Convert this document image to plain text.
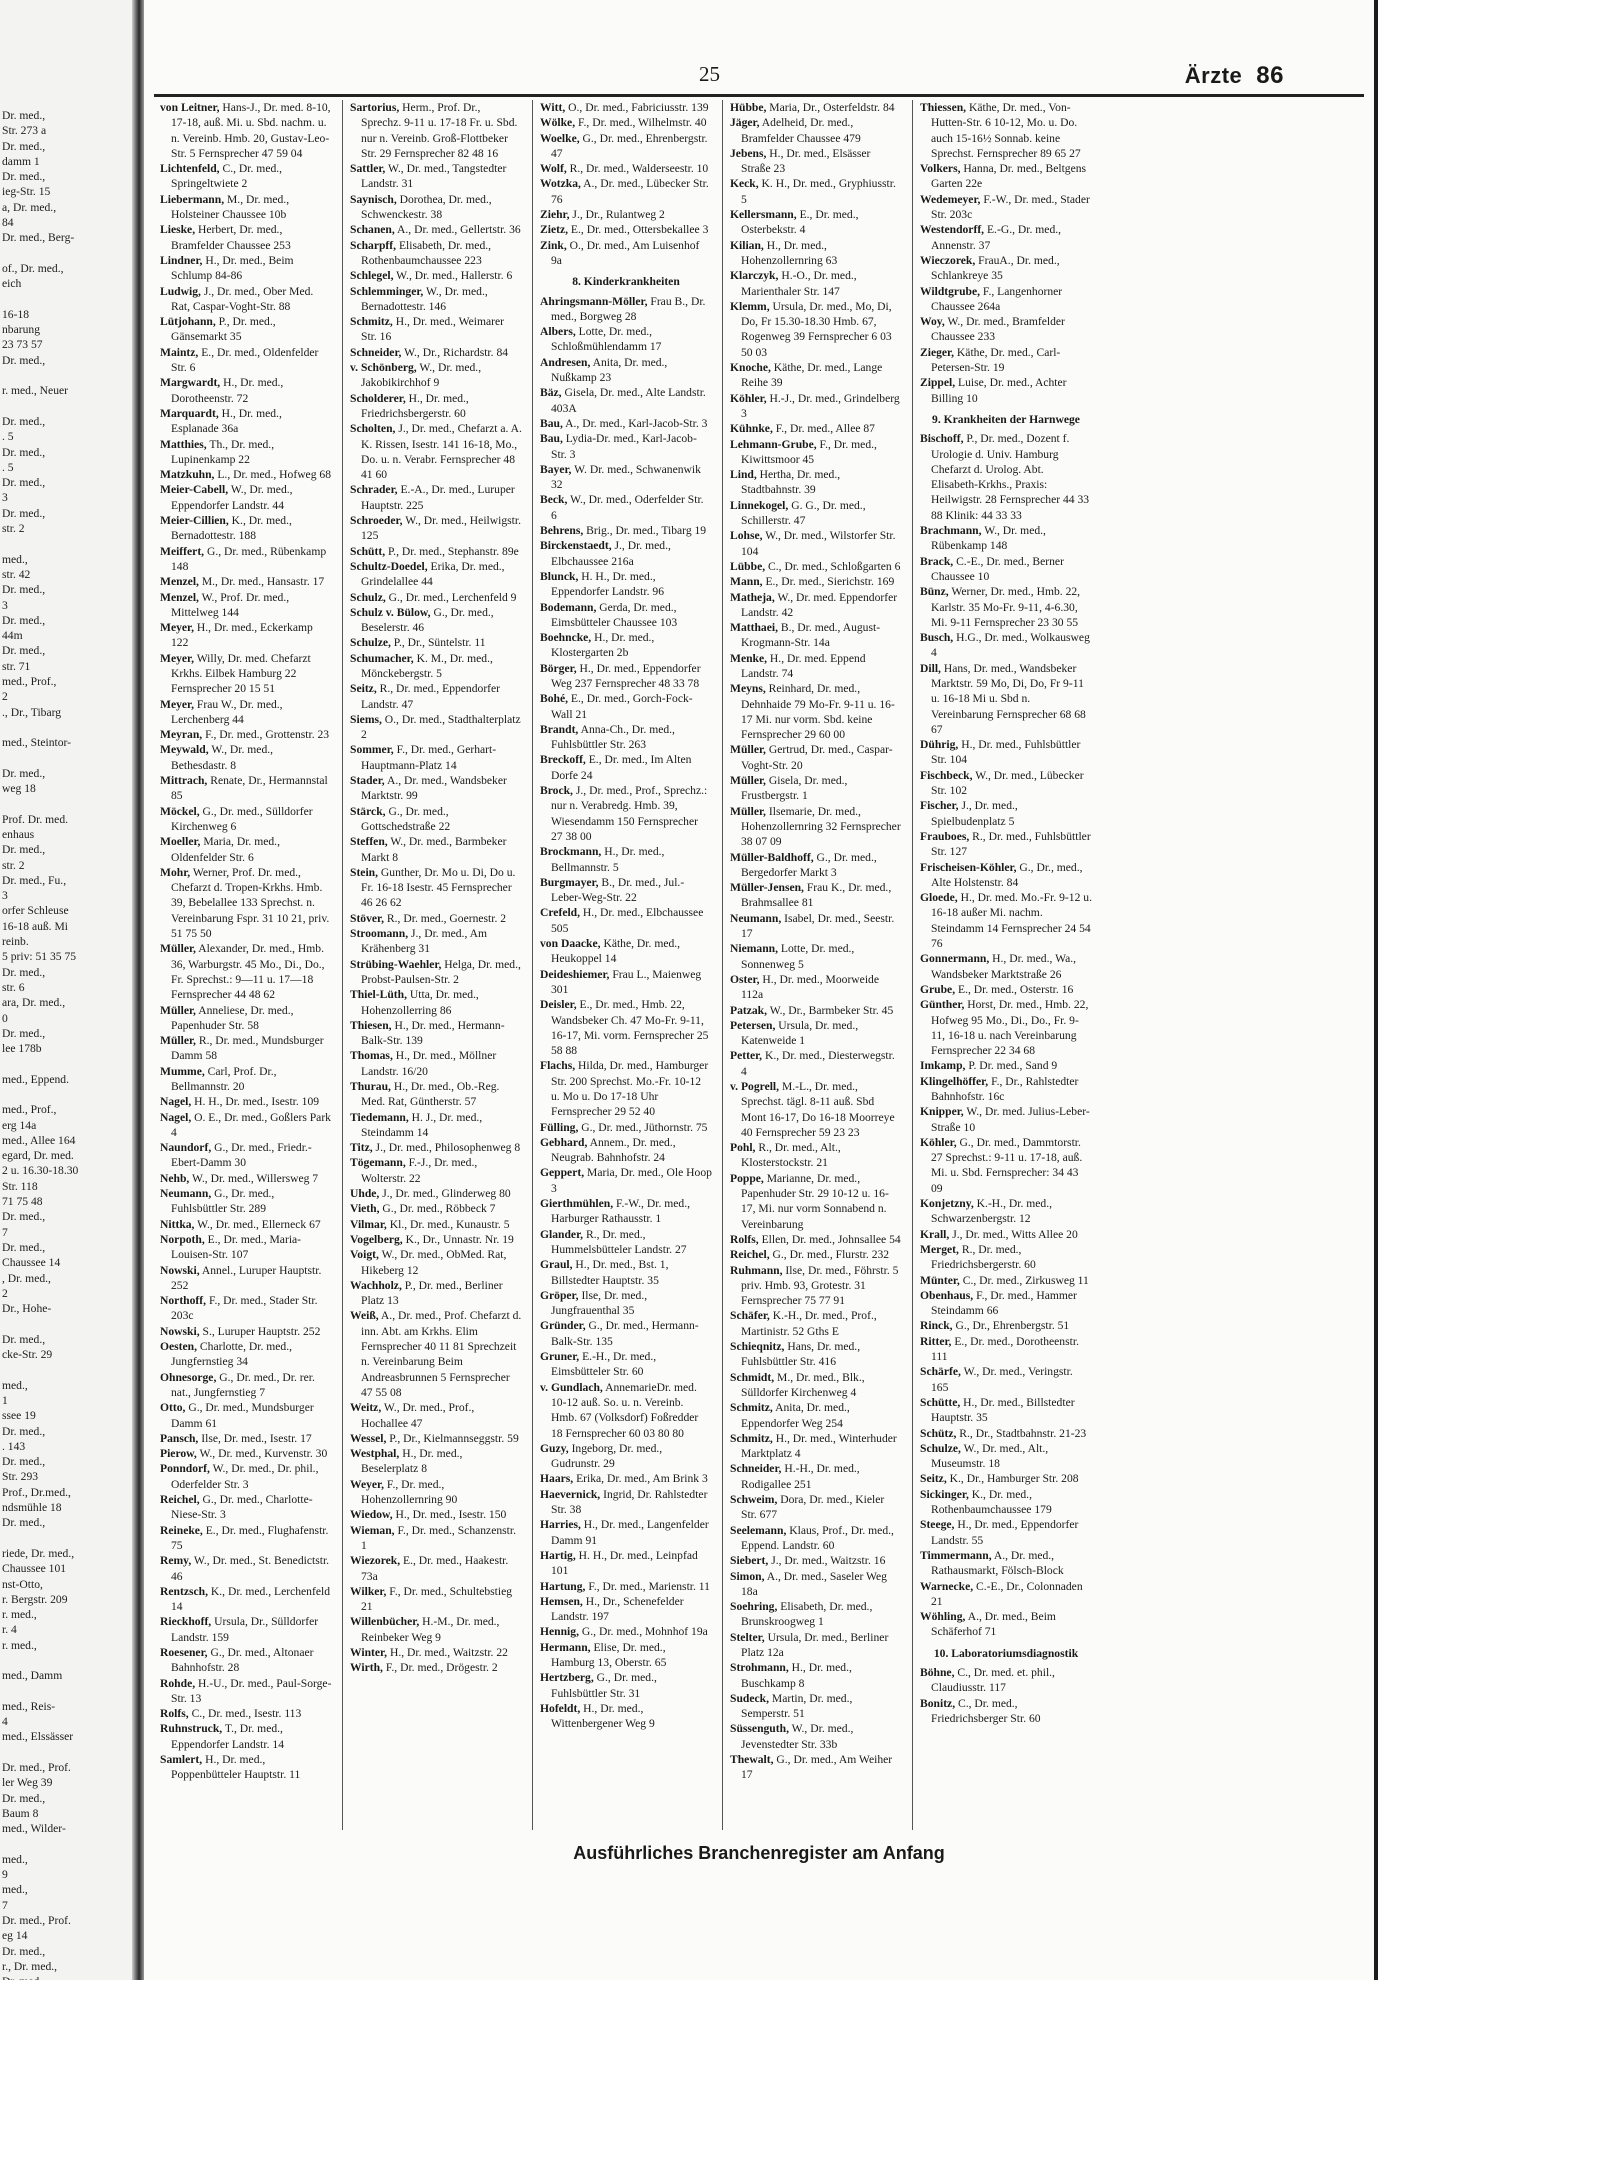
Dr. med.,
Str. 273 a
Dr. med.,
damm 1
Dr. med.,
ieg-Str. 15
a, Dr. med.,
84
Dr. med., Berg-

of., Dr. med.,
eich

16-18
nbarung
23 73 57
Dr. med.,

r. med., Neuer

Dr. med.,
. 5
Dr. med.,
. 5
Dr. med.,
3
Dr. med.,
str. 2

med.,
str. 42
Dr. med.,
3
Dr. med.,
44m
Dr. med.,
str. 71
med., Prof.,
2
., Dr., Tibarg

med., Steintor-

Dr. med.,
weg 18

Prof. Dr. med.
enhaus
Dr. med.,
str. 2
Dr. med., Fu.,
3
orfer Schleuse
16-18 auß. Mi
reinb.
5 priv: 51 35 75
Dr. med.,
str. 6
ara, Dr. med.,
0
Dr. med.,
lee 178b

med., Eppend.

med., Prof.,
erg 14a
med., Allee 164
egard, Dr. med.
2 u. 16.30-18.30
Str. 118
71 75 48
Dr. med.,
7
Dr. med.,
Chaussee 14
, Dr. med.,
2
Dr., Hohe-

Dr. med.,
cke-Str. 29

med.,
1
ssee 19
Dr. med.,
. 143
Dr. med.,
Str. 293
Prof., Dr.med.,
ndsmühle 18
Dr. med.,

riede, Dr. med.,
Chaussee 101
nst-Otto,
r. Bergstr. 209
r. med.,
r. 4
r. med.,

med., Damm

med., Reis-
4
med., Elssässer

Dr. med., Prof.
ler Weg 39
Dr. med.,
Baum 8
med., Wilder-

med.,
9
med.,
7
Dr. med., Prof.
eg 14
Dr. med.,
r., Dr. med.,
25	Ärzte 86

von Leitner, Hans-J., Dr. med. 8-10, 17-18, auß. Mi. u. Sbd. nachm. u. n. Vereinb. Hmb. 20, Gustav-Leo-Str. 5 Fernsprecher 47 59 04

Lichtenfeld, C., Dr. med., Springeltwiete 2

Liebermann, M., Dr. med., Holsteiner Chaussee 10b

Lieske, Herbert, Dr. med., Bramfelder Chaussee 253

Lindner, H., Dr. med., Beim Schlump 84-86

Ludwig, J., Dr. med., Ober Med. Rat, Caspar-Voght-Str. 88

Lütjohann, P., Dr. med., Gänsemarkt 35

Maintz, E., Dr. med., Oldenfelder Str. 6

Margwardt, H., Dr. med., Dorotheenstr. 72

Marquardt, H., Dr. med., Esplanade 36a

Matthies, Th., Dr. med., Lupinenkamp 22

Matzkuhn, L., Dr. med., Hofweg 68

Meier-Cabell, W., Dr. med., Eppendorfer Landstr. 44

Meier-Cillien, K., Dr. med., Bernadottestr. 188

Meiffert, G., Dr. med., Rübenkamp 148

Menzel, M., Dr. med., Hansastr. 17

Menzel, W., Prof. Dr. med., Mittelweg 144

Meyer, H., Dr. med., Eckerkamp 122

Meyer, Willy, Dr. med. Chefarzt Krkhs. Eilbek Hamburg 22 Fernsprecher 20 15 51

Meyer, Frau W., Dr. med., Lerchenberg 44

Meyran, F., Dr. med., Grottenstr. 23

Meywald, W., Dr. med., Bethesdastr. 8

Mittrach, Renate, Dr., Hermannstal 85

Möckel, G., Dr. med., Sülldorfer Kirchenweg 6

Moeller, Maria, Dr. med., Oldenfelder Str. 6

Mohr, Werner, Prof. Dr. med., Chefarzt d. Tropen-Krkhs. Hmb. 39, Bebelallee 133 Sprechst. n. Vereinbarung Fspr. 31 10 21, priv. 51 75 50

Müller, Alexander, Dr. med., Hmb. 36, Warburgstr. 45 Mo., Di., Do., Fr. Sprechst.: 9—11 u. 17—18 Fernsprecher 44 48 62

Müller, Anneliese, Dr. med., Papenhuder Str. 58

Müller, R., Dr. med., Mundsburger Damm 58

Mumme, Carl, Prof. Dr., Bellmannstr. 20

Nagel, H. H., Dr. med., Isestr. 109

Nagel, O. E., Dr. med., Goßlers Park 4

Naundorf, G., Dr. med., Friedr.-Ebert-Damm 30

Nehb, W., Dr. med., Willersweg 7

Neumann, G., Dr. med., Fuhlsbüttler Str. 289

Nittka, W., Dr. med., Ellerneck 67

Norpoth, E., Dr. med., Maria-Louisen-Str. 107

Nowski, Annel., Luruper Hauptstr. 252

Northoff, F., Dr. med., Stader Str. 203c

Nowski, S., Luruper Hauptstr. 252

Oesten, Charlotte, Dr. med., Jungfernstieg 34

Ohnesorge, G., Dr. med., Dr. rer. nat., Jungfernstieg 7

Otto, G., Dr. med., Mundsburger Damm 61

Pansch, Ilse, Dr. med., Isestr. 17

Pierow, W., Dr. med., Kurvenstr. 30

Ponndorf, W., Dr. med., Dr. phil., Oderfelder Str. 3

Reichel, G., Dr. med., Charlotte-Niese-Str. 3

Reineke, E., Dr. med., Flughafenstr. 75

Remy, W., Dr. med., St. Benedictstr. 46

Rentzsch, K., Dr. med., Lerchenfeld 14

Rieckhoff, Ursula, Dr., Sülldorfer Landstr. 159

Roesener, G., Dr. med., Altonaer Bahnhofstr. 28

Rohde, H.-U., Dr. med., Paul-Sorge-Str. 13

Rolfs, C., Dr. med., Isestr. 113

Ruhnstruck, T., Dr. med., Eppendorfer Landstr. 14

Samlert, H., Dr. med., Poppenbütteler Hauptstr. 11

Sartorius, Herm., Prof. Dr., Sprechz. 9-11 u. 17-18 Fr. u. Sbd. nur n. Vereinb. Groß-Flottbeker Str. 29 Fernsprecher 82 48 16

Sattler, W., Dr. med., Tangstedter Landstr. 31

Saynisch, Dorothea, Dr. med., Schwenckestr. 38

Schanen, A., Dr. med., Gellertstr. 36

Scharpff, Elisabeth, Dr. med., Rothenbaumchaussee 223

Schlegel, W., Dr. med., Hallerstr. 6

Schlemminger, W., Dr. med., Bernadottestr. 146

Schmitz, H., Dr. med., Weimarer Str. 16

Schneider, W., Dr., Richardstr. 84

v. Schönberg, W., Dr. med., Jakobikirchhof 9

Scholderer, H., Dr. med., Friedrichsbergerstr. 60

Scholten, J., Dr. med., Chefarzt a. A. K. Rissen, Isestr. 141 16-18, Mo., Do. u. n. Verabr. Fernsprecher 48 41 60

Schrader, E.-A., Dr. med., Luruper Hauptstr. 225

Schroeder, W., Dr. med., Heilwigstr. 125

Schütt, P., Dr. med., Stephanstr. 89e

Schultz-Doedel, Erika, Dr. med., Grindelallee 44

Schulz, G., Dr. med., Lerchenfeld 9

Schulz v. Bülow, G., Dr. med., Beselerstr. 46

Schulze, P., Dr., Süntelstr. 11

Schumacher, K. M., Dr. med., Mönckebergstr. 5

Seitz, R., Dr. med., Eppendorfer Landstr. 47

Siems, O., Dr. med., Stadthalterplatz 2

Sommer, F., Dr. med., Gerhart-Hauptmann-Platz 14

Stader, A., Dr. med., Wandsbeker Marktstr. 99

Stärck, G., Dr. med., Gottschedstraße 22

Steffen, W., Dr. med., Barmbeker Markt 8

Stein, Gunther, Dr. Mo u. Di, Do u. Fr. 16-18 Isestr. 45 Fernsprecher 46 26 62

Stöver, R., Dr. med., Goernestr. 2

Stroomann, J., Dr. med., Am Krähenberg 31

Strübing-Waehler, Helga, Dr. med., Probst-Paulsen-Str. 2

Thiel-Lüth, Utta, Dr. med., Hohenzollerring 86

Thiesen, H., Dr. med., Hermann-Balk-Str. 139

Thomas, H., Dr. med., Möllner Landstr. 16/20

Thurau, H., Dr. med., Ob.-Reg. Med. Rat, Güntherstr. 57

Tiedemann, H. J., Dr. med., Steindamm 14

Titz, J., Dr. med., Philosophenweg 8

Tögemann, F.-J., Dr. med., Wolterstr. 22

Uhde, J., Dr. med., Glinderweg 80

Vieth, G., Dr. med., Röbbeck 7

Vilmar, Kl., Dr. med., Kunaustr. 5

Vogelberg, K., Dr., Unnastr. Nr. 19

Voigt, W., Dr. med., ObMed. Rat, Hikeberg 12

Wachholz, P., Dr. med., Berliner Platz 13

Weiß, A., Dr. med., Prof. Chefarzt d. inn. Abt. am Krkhs. Elim Fernsprecher 40 11 81 Sprechzeit n. Vereinbarung Beim Andreasbrunnen 5 Fernsprecher 47 55 08

Weitz, W., Dr. med., Prof., Hochallee 47

Wessel, P., Dr., Kielmannseggstr. 59

Westphal, H., Dr. med., Beselerplatz 8

Weyer, F., Dr. med., Hohenzollernring 90

Wiedow, H., Dr. med., Isestr. 150

Wieman, F., Dr. med., Schanzenstr. 1

Wiezorek, E., Dr. med., Haakestr. 73a

Wilker, F., Dr. med., Schultebstieg 21

Willenbücher, H.-M., Dr. med., Reinbeker Weg 9

Winter, H., Dr. med., Waitzstr. 22

Wirth, F., Dr. med., Drögestr. 2

Witt, O., Dr. med., Fabriciusstr. 139

Wölke, F., Dr. med., Wilhelmstr. 40

Woelke, G., Dr. med., Ehrenbergstr. 47

Wolf, R., Dr. med., Walderseestr. 10

Wotzka, A., Dr. med., Lübecker Str. 76

Ziehr, J., Dr., Rulantweg 2

Zietz, E., Dr. med., Ottersbekallee 3

Zink, O., Dr. med., Am Luisenhof 9a

8. Kinderkrankheiten

Ahringsmann-Möller, Frau B., Dr. med., Borgweg 28

Albers, Lotte, Dr. med., Schloßmühlendamm 17

Andresen, Anita, Dr. med., Nußkamp 23

Bäz, Gisela, Dr. med., Alte Landstr. 403A

Bau, A., Dr. med., Karl-Jacob-Str. 3

Bau, Lydia-Dr. med., Karl-Jacob-Str. 3

Bayer, W. Dr. med., Schwanenwik 32

Beck, W., Dr. med., Oderfelder Str. 6

Behrens, Brig., Dr. med., Tibarg 19

Birckenstaedt, J., Dr. med., Elbchaussee 216a

Blunck, H. H., Dr. med., Eppendorfer Landstr. 96

Bodemann, Gerda, Dr. med., Eimsbütteler Chaussee 103

Boehncke, H., Dr. med., Klostergarten 2b

Börger, H., Dr. med., Eppendorfer Weg 237 Fernsprecher 48 33 78

Bohé, E., Dr. med., Gorch-Fock-Wall 21

Brandt, Anna-Ch., Dr. med., Fuhlsbüttler Str. 263

Breckoff, E., Dr. med., Im Alten Dorfe 24

Brock, J., Dr. med., Prof., Sprechz.: nur n. Verabredg. Hmb. 39, Wiesendamm 150 Fernsprecher 27 38 00

Brockmann, H., Dr. med., Bellmannstr. 5

Burgmayer, B., Dr. med., Jul.-Leber-Weg-Str. 22

Crefeld, H., Dr. med., Elbchaussee 505

von Daacke, Käthe, Dr. med., Heukoppel 14

Deideshiemer, Frau L., Maienweg 301

Deisler, E., Dr. med., Hmb. 22, Wandsbeker Ch. 47 Mo-Fr. 9-11, 16-17, Mi. vorm. Fernsprecher 25 58 88

Flachs, Hilda, Dr. med., Hamburger Str. 200 Sprechst. Mo.-Fr. 10-12 u. Mo u. Do 17-18 Uhr Fernsprecher 29 52 40

Fülling, G., Dr. med., Jüthornstr. 75

Gebhard, Annem., Dr. med., Neugrab. Bahnhofstr. 24

Geppert, Maria, Dr. med., Ole Hoop 3

Gierthmühlen, F.-W., Dr. med., Harburger Rathausstr. 1

Glander, R., Dr. med., Hummelsbütteler Landstr. 27

Graul, H., Dr. med., Bst. 1, Billstedter Hauptstr. 35

Gröper, Ilse, Dr. med., Jungfrauenthal 35

Gründer, G., Dr. med., Hermann-Balk-Str. 135

Gruner, E.-H., Dr. med., Eimsbütteler Str. 60

v. Gundlach, AnnemarieDr. med. 10-12 auß. So. u. n. Vereinb. Hmb. 67 (Volksdorf) Foßredder 18 Fernsprecher 60 03 80 80

Guzy, Ingeborg, Dr. med., Gudrunstr. 29

Haars, Erika, Dr. med., Am Brink 3

Haevernick, Ingrid, Dr. Rahlstedter Str. 38

Harries, H., Dr. med., Langenfelder Damm 91

Hartig, H. H., Dr. med., Leinpfad 101

Hartung, F., Dr. med., Marienstr. 11

Hemsen, H., Dr., Schenefelder Landstr. 197

Hennig, G., Dr. med., Mohnhof 19a

Hermann, Elise, Dr. med., Hamburg 13, Oberstr. 65

Hertzberg, G., Dr. med., Fuhlsbüttler Str. 31

Hofeldt, H., Dr. med., Wittenbergener Weg 9

Hübbe, Maria, Dr., Osterfeldstr. 84

Jäger, Adelheid, Dr. med., Bramfelder Chaussee 479

Jebens, H., Dr. med., Elsässer Straße 23

Keck, K. H., Dr. med., Gryphiusstr. 5

Kellersmann, E., Dr. med., Osterbekstr. 4

Kilian, H., Dr. med., Hohenzollernring 63

Klarczyk, H.-O., Dr. med., Marienthaler Str. 147

Klemm, Ursula, Dr. med., Mo, Di, Do, Fr 15.30-18.30 Hmb. 67, Rogenweg 39 Fernsprecher 6 03 50 03

Knoche, Käthe, Dr. med., Lange Reihe 39

Köhler, H.-J., Dr. med., Grindelberg 3

Kühnke, F., Dr. med., Allee 87

Lehmann-Grube, F., Dr. med., Kiwittsmoor 45

Lind, Hertha, Dr. med., Stadtbahnstr. 39

Linnekogel, G. G., Dr. med., Schillerstr. 47

Lohse, W., Dr. med., Wilstorfer Str. 104

Lübbe, C., Dr. med., Schloßgarten 6

Mann, E., Dr. med., Sierichstr. 169

Matheja, W., Dr. med. Eppendorfer Landstr. 42

Matthaei, B., Dr. med., August-Krogmann-Str. 14a

Menke, H., Dr. med. Eppend Landstr. 74

Meyns, Reinhard, Dr. med., Dehnhaide 79 Mo-Fr. 9-11 u. 16-17 Mi. nur vorm. Sbd. keine Fernsprecher 29 60 00

Müller, Gertrud, Dr. med., Caspar-Voght-Str. 20

Müller, Gisela, Dr. med., Frustbergstr. 1

Müller, Ilsemarie, Dr. med., Hohenzollernring 32 Fernsprecher 38 07 09

Müller-Baldhoff, G., Dr. med., Bergedorfer Markt 3

Müller-Jensen, Frau K., Dr. med., Brahmsallee 81

Neumann, Isabel, Dr. med., Seestr. 17

Niemann, Lotte, Dr. med., Sonnenweg 5

Oster, H., Dr. med., Moorweide 112a

Patzak, W., Dr., Barmbeker Str. 45

Petersen, Ursula, Dr. med., Katenweide 1

Petter, K., Dr. med., Diesterwegstr. 4

v. Pogrell, M.-L., Dr. med., Sprechst. tägl. 8-11 auß. Sbd Mont 16-17, Do 16-18 Moorreye 40 Fernsprecher 59 23 23

Pohl, R., Dr. med., Alt., Klosterstockstr. 21

Poppe, Marianne, Dr. med., Papenhuder Str. 29 10-12 u. 16-17, Mi. nur vorm Sonnabend n. Vereinbarung

Rolfs, Ellen, Dr. med., Johnsallee 54

Reichel, G., Dr. med., Flurstr. 232

Ruhmann, Ilse, Dr. med., Föhrstr. 5 priv. Hmb. 93, Grotestr. 31 Fernsprecher 75 77 91

Schäfer, K.-H., Dr. med., Prof., Martinistr. 52 Gths E

Schieqnitz, Hans, Dr. med., Fuhlsbüttler Str. 416

Schmidt, M., Dr. med., Blk., Sülldorfer Kirchenweg 4

Schmitz, Anita, Dr. med., Eppendorfer Weg 254

Schmitz, H., Dr. med., Winterhuder Marktplatz 4

Schneider, H.-H., Dr. med., Rodigallee 251

Schweim, Dora, Dr. med., Kieler Str. 677

Seelemann, Klaus, Prof., Dr. med., Eppend. Landstr. 60

Siebert, J., Dr. med., Waitzstr. 16

Simon, A., Dr. med., Saseler Weg 18a

Soehring, Elisabeth, Dr. med., Brunskroogweg 1

Stelter, Ursula, Dr. med., Berliner Platz 12a

Strohmann, H., Dr. med., Buschkamp 8

Sudeck, Martin, Dr. med., Semperstr. 51

Süssenguth, W., Dr. med., Jevenstedter Str. 33b

Thewalt, G., Dr. med., Am Weiher 17

Thiessen, Käthe, Dr. med., Von-Hutten-Str. 6 10-12, Mo. u. Do. auch 15-16½ Sonnab. keine Sprechst. Fernsprecher 89 65 27

Volkers, Hanna, Dr. med., Beltgens Garten 22e

Wedemeyer, F.-W., Dr. med., Stader Str. 203c

Westendorff, E.-G., Dr. med., Annenstr. 37

Wieczorek, FrauA., Dr. med., Schlankreye 35

Wildtgrube, F., Langenhorner Chaussee 264a

Woy, W., Dr. med., Bramfelder Chaussee 233

Zieger, Käthe, Dr. med., Carl-Petersen-Str. 19

Zippel, Luise, Dr. med., Achter Billing 10

9. Krankheiten der Harnwege

Bischoff, P., Dr. med., Dozent f. Urologie d. Univ. Hamburg Chefarzt d. Urolog. Abt. Elisabeth-Krkhs., Praxis: Heilwigstr. 28 Fernsprecher 44 33 88 Klinik: 44 33 33

Brachmann, W., Dr. med., Rübenkamp 148

Brack, C.-E., Dr. med., Berner Chaussee 10

Bünz, Werner, Dr. med., Hmb. 22, Karlstr. 35 Mo-Fr. 9-11, 4-6.30, Mi. 9-11 Fernsprecher 23 30 55

Busch, H.G., Dr. med., Wolkausweg 4

Dill, Hans, Dr. med., Wandsbeker Marktstr. 59 Mo, Di, Do, Fr 9-11 u. 16-18 Mi u. Sbd n. Vereinbarung Fernsprecher 68 68 67

Dührig, H., Dr. med., Fuhlsbüttler Str. 104

Fischbeck, W., Dr. med., Lübecker Str. 102

Fischer, J., Dr. med., Spielbudenplatz 5

Frauboes, R., Dr. med., Fuhlsbüttler Str. 127

Frischeisen-Köhler, G., Dr., med., Alte Holstenstr. 84

Gloede, H., Dr. med. Mo.-Fr. 9-12 u. 16-18 außer Mi. nachm. Steindamm 14 Fernsprecher 24 54 76

Gonnermann, H., Dr. med., Wa., Wandsbeker Marktstraße 26

Grube, E., Dr. med., Osterstr. 16

Günther, Horst, Dr. med., Hmb. 22, Hofweg 95 Mo., Di., Do., Fr. 9-11, 16-18 u. nach Vereinbarung Fernsprecher 22 34 68

Imkamp, P. Dr. med., Sand 9

Klingelhöffer, F., Dr., Rahlstedter Bahnhofstr. 16c

Knipper, W., Dr. med. Julius-Leber-Straße 10

Köhler, G., Dr. med., Dammtorstr. 27 Sprechst.: 9-11 u. 17-18, auß. Mi. u. Sbd. Fernsprecher: 34 43 09

Konjetzny, K.-H., Dr. med., Schwarzenbergstr. 12

Krall, J., Dr. med., Witts Allee 20

Merget, R., Dr. med., Friedrichsbergerstr. 60

Münter, C., Dr. med., Zirkusweg 11

Obenhaus, F., Dr. med., Hammer Steindamm 66

Rinck, G., Dr., Ehrenbergstr. 51

Ritter, E., Dr. med., Dorotheenstr. 111

Schärfe, W., Dr. med., Veringstr. 165

Schütte, H., Dr. med., Billstedter Hauptstr. 35

Schütz, R., Dr., Stadtbahnstr. 21-23

Schulze, W., Dr. med., Alt., Museumstr. 18

Seitz, K., Dr., Hamburger Str. 208

Sickinger, K., Dr. med., Rothenbaumchaussee 179

Steege, H., Dr. med., Eppendorfer Landstr. 55

Timmermann, A., Dr. med., Rathausmarkt, Fölsch-Block

Warnecke, C.-E., Dr., Colonnaden 21

Wöhling, A., Dr. med., Beim Schäferhof 71

10. Laboratoriumsdiagnostik

Böhne, C., Dr. med. et. phil., Claudiusstr. 117

Bonitz, C., Dr. med., Friedrichsberger Str. 60

Ausführliches Branchenregister am Anfang
